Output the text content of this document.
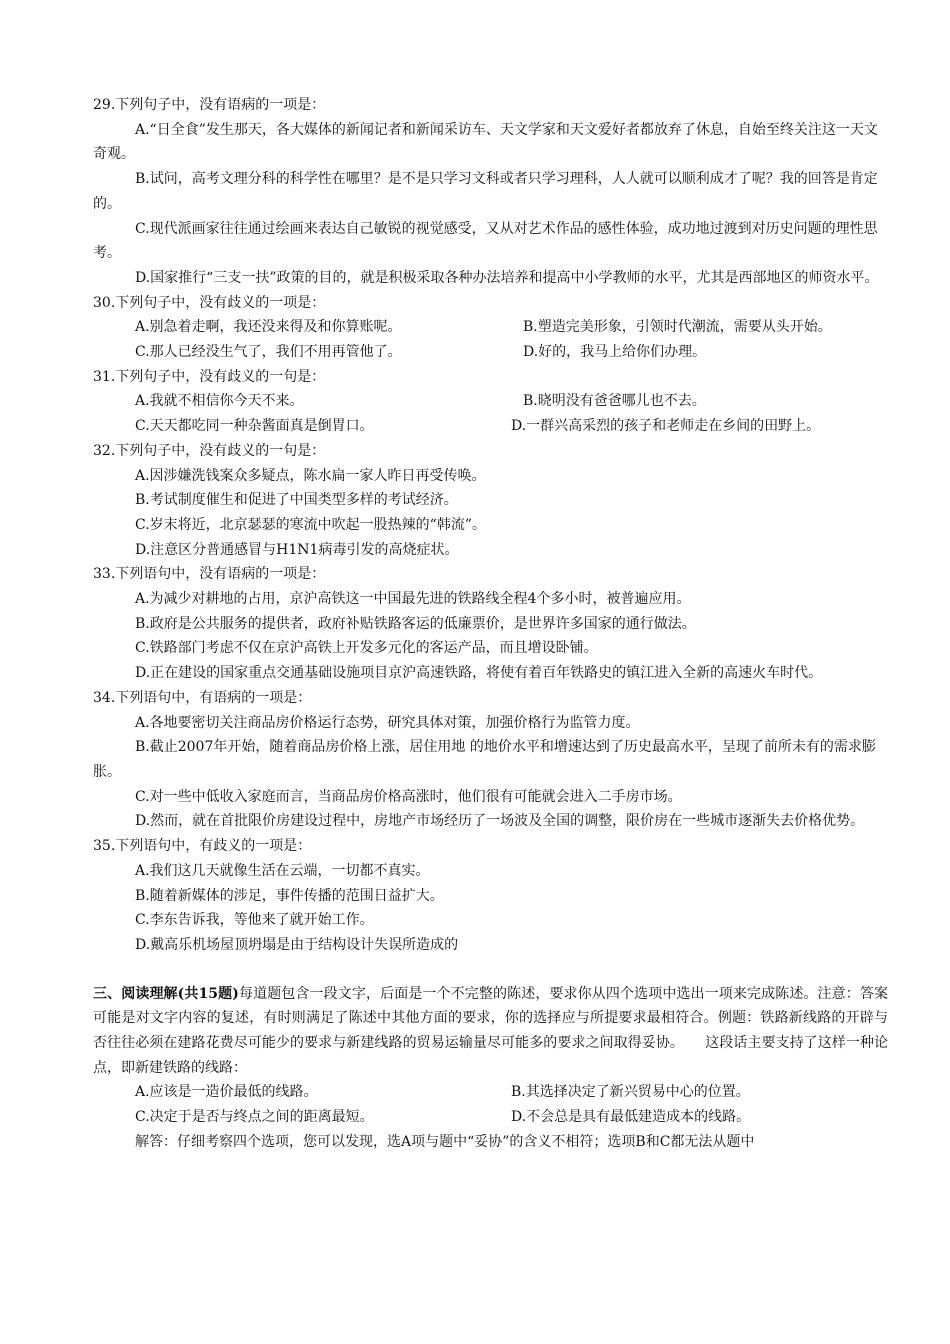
29.下列句子中，没有语病的一项是：
A.“日全食”发生那天，各大媒体的新闻记者和新闻采访车、天文学家和天文爱好者都放弃了休息，自始至终关注这一天文奇观。
B.试问，高考文理分科的科学性在哪里？是不是只学习文科或者只学习理科，人人就可以顺利成才了呢？我的回答是肯定的。
C.现代派画家往往通过绘画来表达自己敏锐的视觉感受，又从对艺术作品的感性体验，成功地过渡到对历史问题的理性思考。
D.国家推行“三支一扶”政策的目的，就是积极采取各种办法培养和提高中小学教师的水平，尤其是西部地区的师资水平。
30.下列句子中，没有歧义的一项是：
A.别急着走啊，我还没来得及和你算账呢。	B.塑造完美形象，引领时代潮流，需要从头开始。
C.那人已经没生气了，我们不用再管他了。	D.好的，我马上给你们办理。
31.下列句子中，没有歧义的一句是：
A.我就不相信你今天不来。	B.晓明没有爸爸哪儿也不去。
C.天天都吃同一种杂酱面真是倒胃口。	D.一群兴高采烈的孩子和老师走在乡间的田野上。
32.下列句子中，没有歧义的一句是：
A.因涉嫌洗钱案众多疑点，陈水扁一家人昨日再受传唤。
B.考试制度催生和促进了中国类型多样的考试经济。
C.岁末将近，北京瑟瑟的寒流中吹起一股热辣的“韩流”。
D.注意区分普通感冒与H1N1病毒引发的高烧症状。
33.下列语句中，没有语病的一项是：
A.为减少对耕地的占用，京沪高铁这一中国最先进的铁路线全程4个多小时，被普遍应用。
B.政府是公共服务的提供者，政府补贴铁路客运的低廉票价，是世界许多国家的通行做法。
C.铁路部门考虑不仅在京沪高铁上开发多元化的客运产品，而且增设卧铺。
D.正在建设的国家重点交通基础设施项目京沪高速铁路，将使有着百年铁路史的镇江进入全新的高速火车时代。
34.下列语句中，有语病的一项是：
A.各地要密切关注商品房价格运行态势，研究具体对策，加强价格行为监管力度。
B.截止2007年开始，随着商品房价格上涨，居住用地 的地价水平和增速达到了历史最高水平，呈现了前所未有的需求膨胀。
C.对一些中低收入家庭而言，当商品房价格高涨时，他们很有可能就会进入二手房市场。
D.然而，就在首批限价房建设过程中，房地产市场经历了一场波及全国的调整，限价房在一些城市逐渐失去价格优势。
35.下列语句中，有歧义的一项是：
A.我们这几天就像生活在云端，一切都不真实。
B.随着新媒体的涉足，事件传播的范围日益扩大。
C.李东告诉我，等他来了就开始工作。
D.戴高乐机场屋顶坍塌是由于结构设计失误所造成的
三、阅读理解(共15题)每道题包含一段文字，后面是一个不完整的陈述，要求你从四个选项中选出一项来完成陈述。注意：答案可能是对文字内容的复述，有时则满足了陈述中其他方面的要求，你的选择应与所提要求最相符合。例题：铁路新线路的开辟与否往往必须在建路花费尽可能少的要求与新建线路的贸易运输量尽可能多的要求之间取得妥协。　　 这段话主要支持了这样一种论点，即新建铁路的线路：
A.应该是一造价最低的线路。	B.其选择决定了新兴贸易中心的位置。
C.决定于是否与终点之间的距离最短。	D.不会总是具有最低建造成本的线路。
解答：仔细考察四个选项，您可以发现，选A项与题中“妥协”的含义不相符；选项B和C都无法从题中
